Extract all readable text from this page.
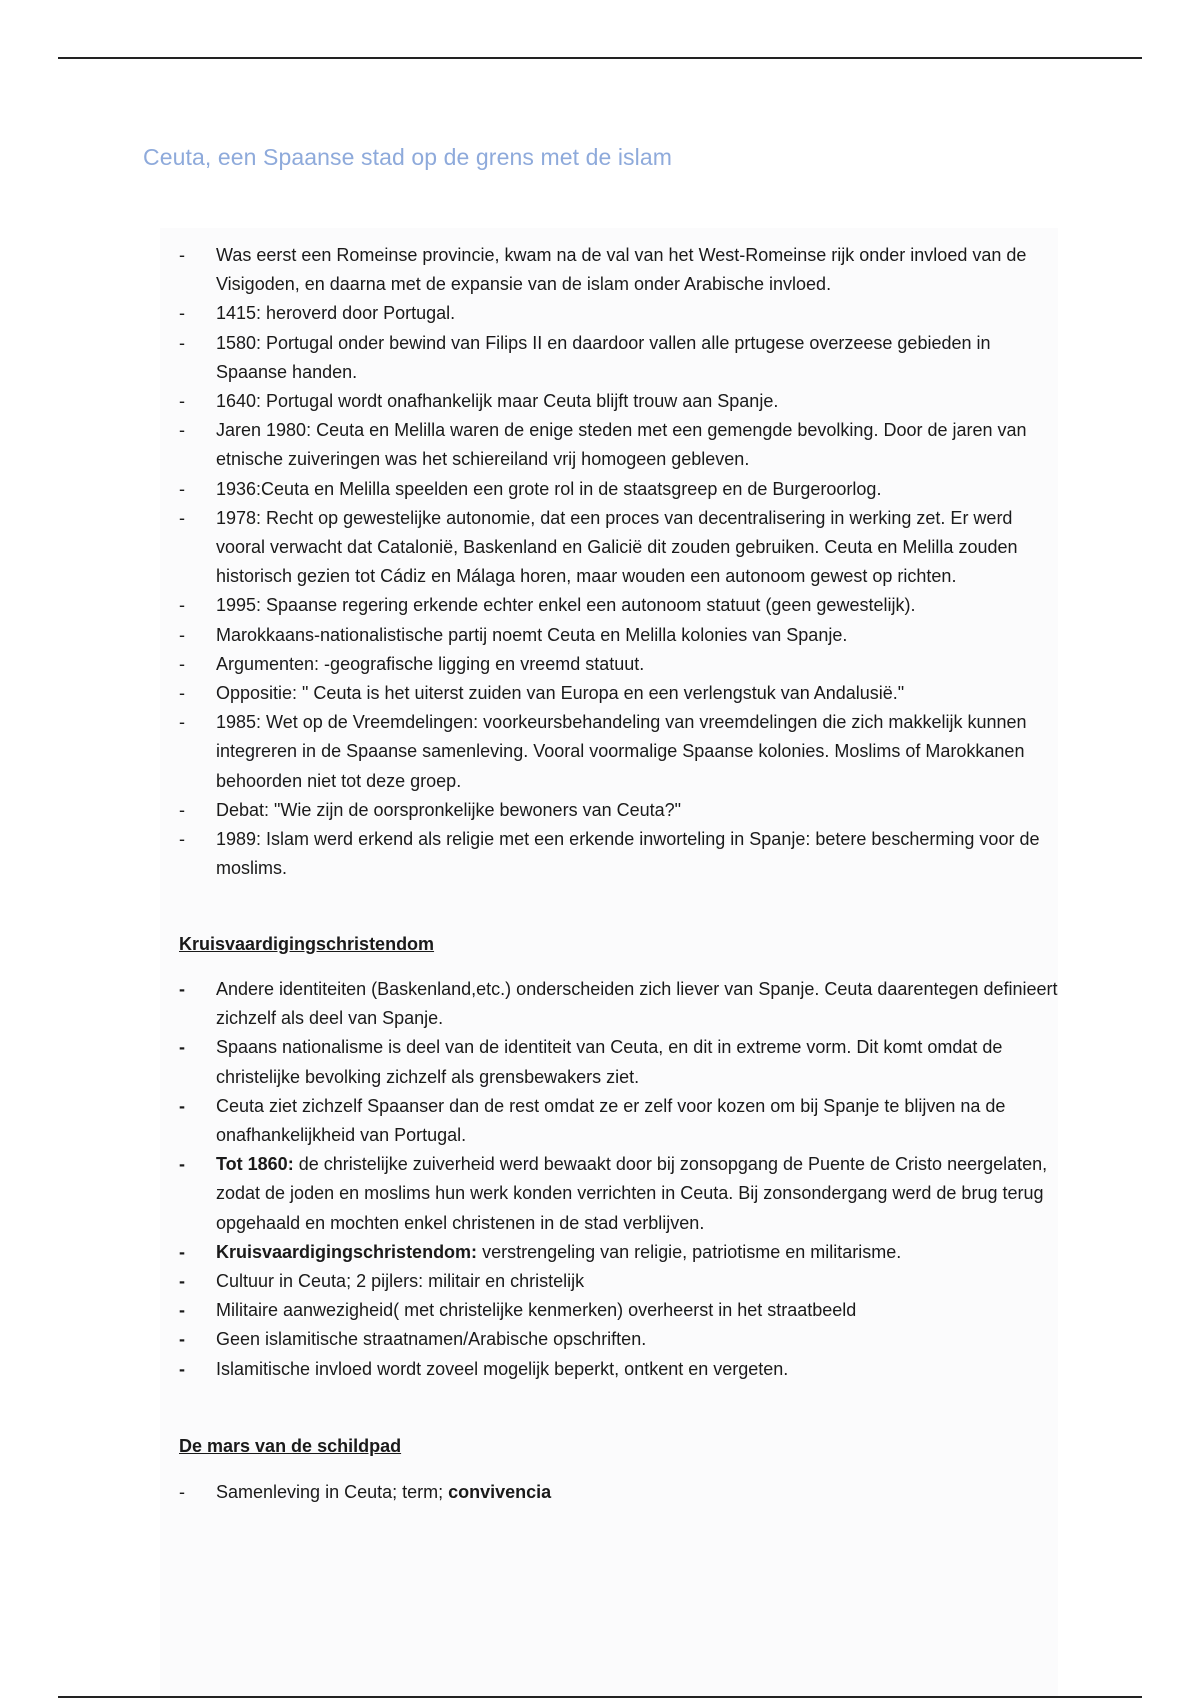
Ceuta, een Spaanse stad op de grens met de islam
-	Was eerst een Romeinse provincie, kwam na de val van het West-Romeinse rijk onder invloed van de Visigoden, en daarna met de expansie van de islam onder Arabische invloed.
-	1415: heroverd door Portugal.
-	1580: Portugal onder bewind van Filips II en daardoor vallen alle prtugese overzeese gebieden in Spaanse handen.
-	1640: Portugal wordt onafhankelijk maar Ceuta blijft trouw aan Spanje.
-	Jaren 1980: Ceuta en Melilla waren de enige steden met een gemengde bevolking. Door de jaren van etnische zuiveringen was het schiereiland vrij homogeen gebleven.
-	1936:Ceuta en Melilla speelden een grote rol in de staatsgreep en de Burgeroorlog.
-	1978: Recht op gewestelijke autonomie, dat een proces van decentralisering in werking zet. Er werd vooral verwacht dat Catalonië, Baskenland en Galicië dit zouden gebruiken. Ceuta en Melilla zouden historisch gezien tot Cádiz en Málaga horen, maar wouden een autonoom gewest op richten.
-	1995: Spaanse regering erkende echter enkel een autonoom statuut (geen gewestelijk).
-	Marokkaans-nationalistische partij noemt Ceuta en Melilla kolonies van Spanje.
-	Argumenten: -geografische ligging en vreemd statuut.
-	Oppositie: " Ceuta is het uiterst zuiden van Europa en een verlengstuk van Andalusië."
-	1985: Wet op de Vreemdelingen: voorkeursbehandeling van vreemdelingen die zich makkelijk kunnen integreren in de Spaanse samenleving. Vooral voormalige Spaanse kolonies. Moslims of Marokkanen behoorden niet tot deze groep.
-	Debat: "Wie zijn de oorspronkelijke bewoners van Ceuta?"
-	1989: Islam werd erkend als religie met een erkende inworteling in Spanje: betere bescherming voor de moslims.
Kruisvaardigingschristendom
-	Andere identiteiten (Baskenland,etc.) onderscheiden zich liever van Spanje. Ceuta daarentegen definieert zichzelf als deel van Spanje.
-	Spaans nationalisme is deel van de identiteit van Ceuta, en dit in extreme vorm. Dit komt omdat de christelijke bevolking zichzelf als grensbewakers ziet.
-	Ceuta ziet zichzelf Spaanser dan de rest omdat ze er zelf voor kozen om bij Spanje te blijven na de onafhankelijkheid van Portugal.
-	Tot 1860: de christelijke zuiverheid werd bewaakt door bij zonsopgang de Puente de Cristo neergelaten, zodat de joden en moslims hun werk konden verrichten in Ceuta. Bij zonsondergang werd de brug terug opgehaald en mochten enkel christenen in de stad verblijven.
-	Kruisvaardigingschristendom: verstrengeling van religie, patriotisme en militarisme.
-	Cultuur in Ceuta; 2 pijlers: militair en christelijk
-	Militaire aanwezigheid( met christelijke kenmerken) overheerst in het straatbeeld
-	Geen islamitische straatnamen/Arabische opschriften.
-	Islamitische invloed wordt zoveel mogelijk beperkt, ontkent en vergeten.
De mars van de schildpad
-	Samenleving in Ceuta; term; convivencia
